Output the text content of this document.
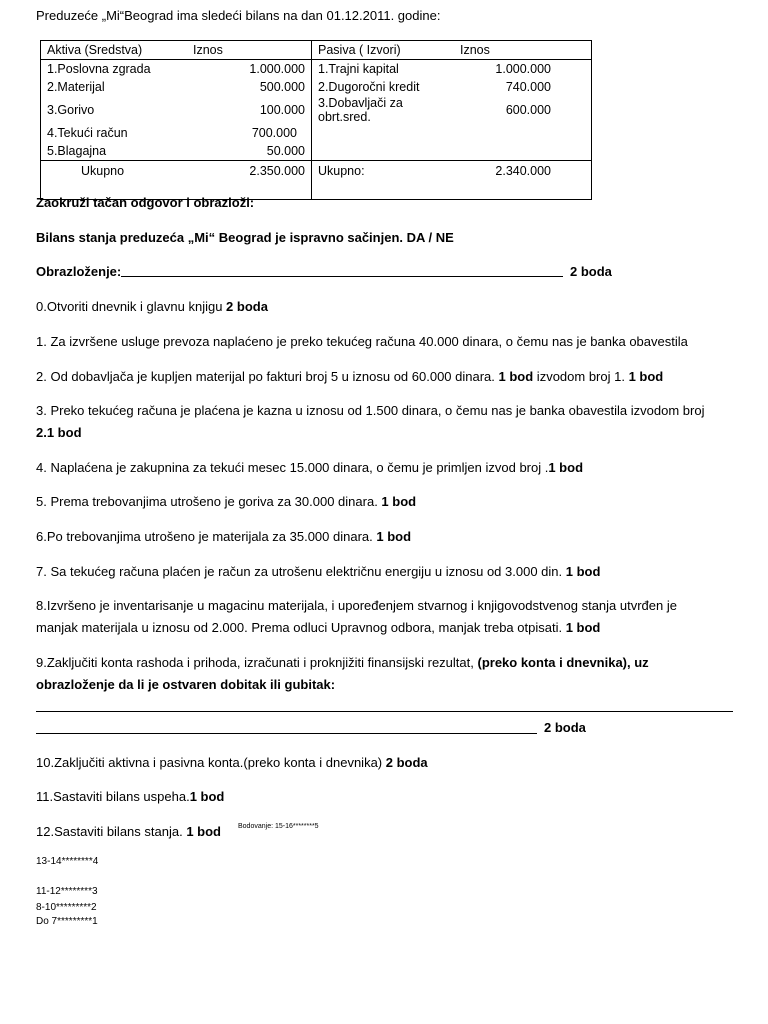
Preduzeće „Mi“Beograd ima sledeći bilans na dan 01.12.2011. godine:
Aktiva (Sredstva)	Iznos	Pasiva ( Izvori)	Iznos
1.Poslovna zgrada	1.000.000	1.Trajni kapital	1.000.000
2.Materijal	500.000	2.Dugoročni kredit	740.000
3.Gorivo	100.000	3.Dobavljači za obrt.sred.	600.000
4.Tekući račun	700.000		
5.Blagajna	50.000		
Ukupno	2.350.000	Ukupno:	2.340.000

Zaokruži tačan odgovor i obrazloži:
Bilans stanja preduzeća „Mi“ Beograd je ispravno sačinjen. DA / NE
Obrazloženje:	2 boda
0.Otvoriti dnevnik i glavnu knjigu 2 boda
1. Za izvršene usluge prevoza naplaćeno je preko tekućeg računa 40.000 dinara, o čemu nas je banka obavestila
2. Od dobavljača je kupljen materijal po fakturi broj 5 u iznosu od 60.000 dinara. 1 bod izvodom broj 1. 1 bod
3. Preko tekućeg računa je plaćena je kazna u iznosu od 1.500 dinara, o čemu nas je banka obavestila izvodom broj
2.1 bod
4. Naplaćena je zakupnina za tekući mesec 15.000 dinara, o čemu je primljen izvod broj .1 bod
5. Prema trebovanjima utrošeno je goriva za 30.000 dinara. 1 bod
6.Po trebovanjima utrošeno je materijala za 35.000 dinara. 1 bod
7. Sa tekućeg računa plaćen je račun za utrošenu električnu energiju u iznosu od 3.000 din. 1 bod
8.Izvršeno je inventarisanje u magacinu materijala, i upoređenjem stvarnog i knjigovodstvenog stanja utvrđen je
manjak materijala u iznosu od 2.000. Prema odluci Upravnog odbora, manjak treba otpisati. 1 bod
9.Zaključiti konta rashoda i prihoda, izračunati i proknjižiti finansijski rezultat, (preko konta i dnevnika), uz
obrazloženje da li je ostvaren dobitak ili gubitak:
2 boda
10.Zaključiti aktivna i pasivna konta.(preko konta i dnevnika) 2 boda
11.Sastaviti bilans uspeha.1 bod
12.Sastaviti bilans stanja. 1 bod Bodovanje: 15-16********5
13-14********4
11-12********3
8-10*********2
Do 7*********1
